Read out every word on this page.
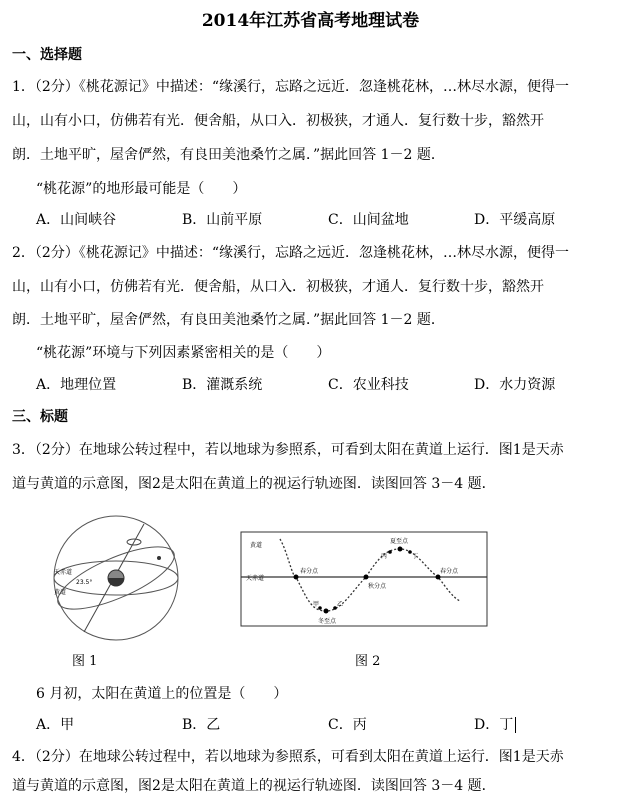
2014年江苏省高考地理试卷
一、选择题
1．（2分）《桃花源记》中描述：“缘溪行，忘路之远近．忽逢桃花林，…林尽水源，便得一
山，山有小口，仿佛若有光．便舍船，从口入．初极狭，才通人．复行数十步，豁然开
朗．土地平旷，屋舍俨然，有良田美池桑竹之属．”据此回答 1－2 题．
“桃花源”的地形最可能是（　　）
A．山间峡谷	B．山前平原	C．山间盆地	D．平缓高原
2．（2分）《桃花源记》中描述：“缘溪行，忘路之远近．忽逢桃花林，…林尽水源，便得一
山，山有小口，仿佛若有光．便舍船，从口入．初极狭，才通人．复行数十步，豁然开
朗．土地平旷，屋舍俨然，有良田美池桑竹之属．”据此回答 1－2 题．
“桃花源”环境与下列因素紧密相关的是（　　）
A．地理位置	B．灌溉系统	C．农业科技	D．水力资源
三、标题
3．（2分）在地球公转过程中，若以地球为参照系，可看到太阳在黄道上运行．图1是天赤
道与黄道的示意图，图2是太阳在黄道上的视运行轨迹图．读图回答 3－4 题．
天赤道
23.5°
黄道
图 1
黄道
天赤道
春分点
秋分点
春分点
夏至点
冬至点
甲	乙
丙	丁
图 2
6 月初，太阳在黄道上的位置是（　　）
A．甲	B．乙	C．丙	D．丁
4．（2分）在地球公转过程中，若以地球为参照系，可看到太阳在黄道上运行．图1是天赤
道与黄道的示意图，图2是太阳在黄道上的视运行轨迹图．读图回答 3－4 题．
